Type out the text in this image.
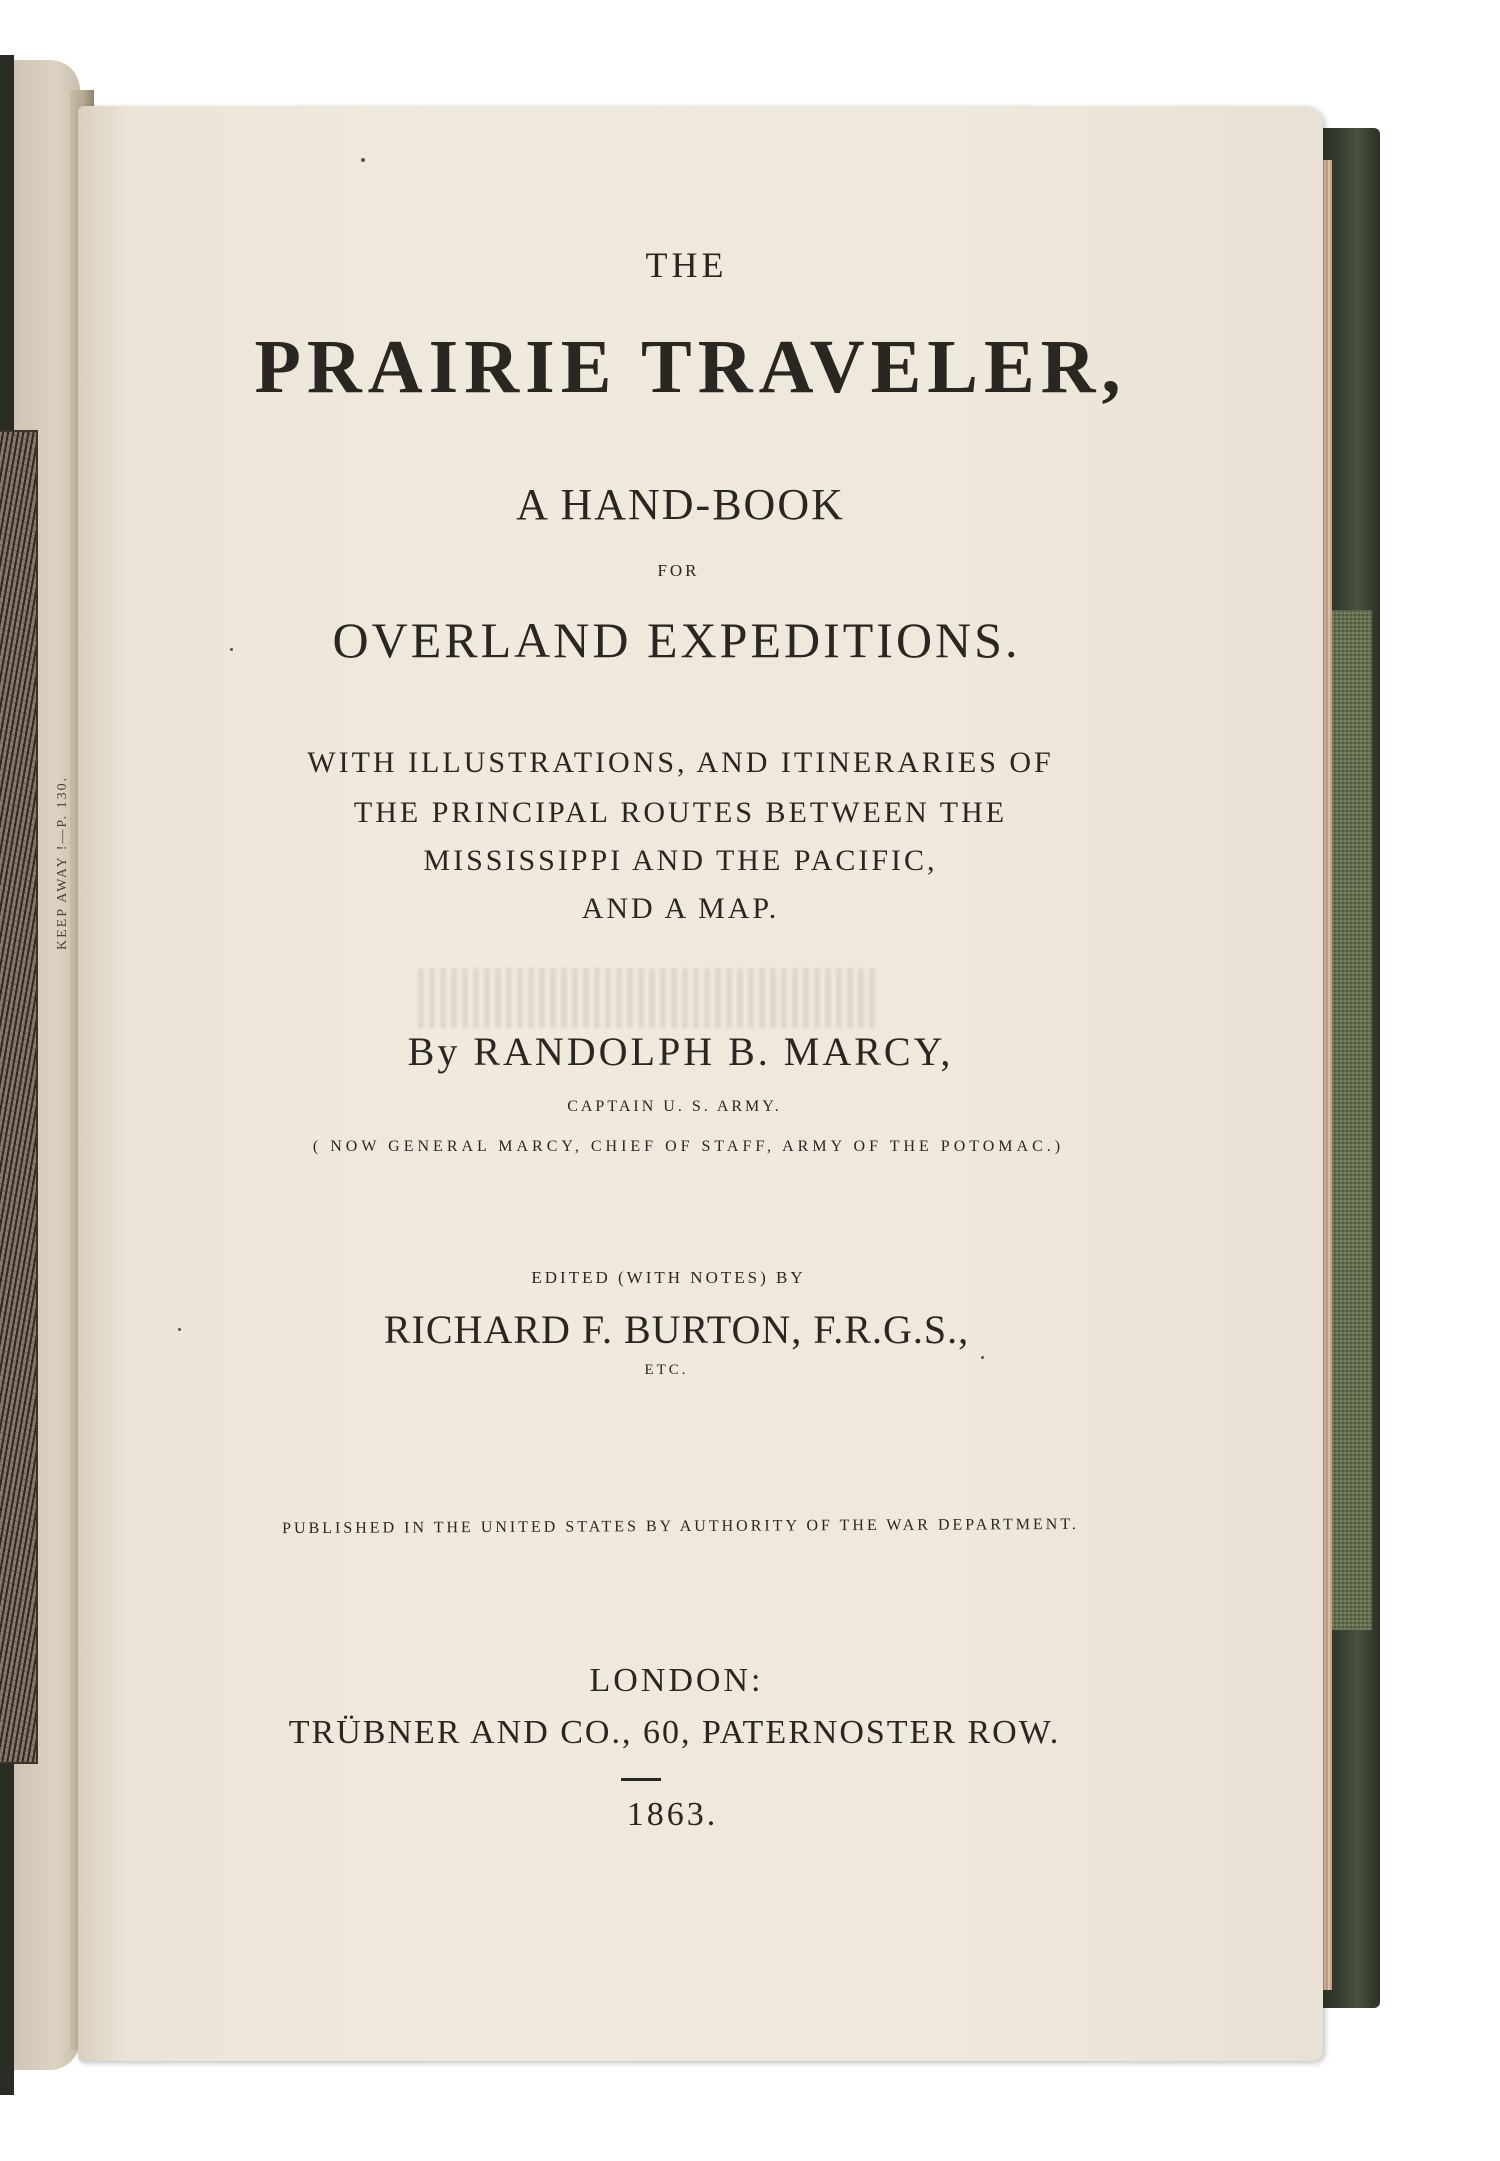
KEEP AWAY !—P. 130.
THE
PRAIRIE TRAVELER,
A HAND-BOOK
FOR
OVERLAND EXPEDITIONS.
WITH ILLUSTRATIONS, AND ITINERARIES OF
THE PRINCIPAL ROUTES BETWEEN THE
MISSISSIPPI AND THE PACIFIC,
AND A MAP.
By RANDOLPH B. MARCY,
CAPTAIN U. S. ARMY.
( NOW GENERAL MARCY, CHIEF OF STAFF, ARMY OF THE POTOMAC.)
EDITED (WITH NOTES) BY
RICHARD F. BURTON, F.R.G.S.,
ETC.
PUBLISHED IN THE UNITED STATES BY AUTHORITY OF THE WAR DEPARTMENT.
LONDON:
TRÜBNER AND CO., 60, PATERNOSTER ROW.
1863.
